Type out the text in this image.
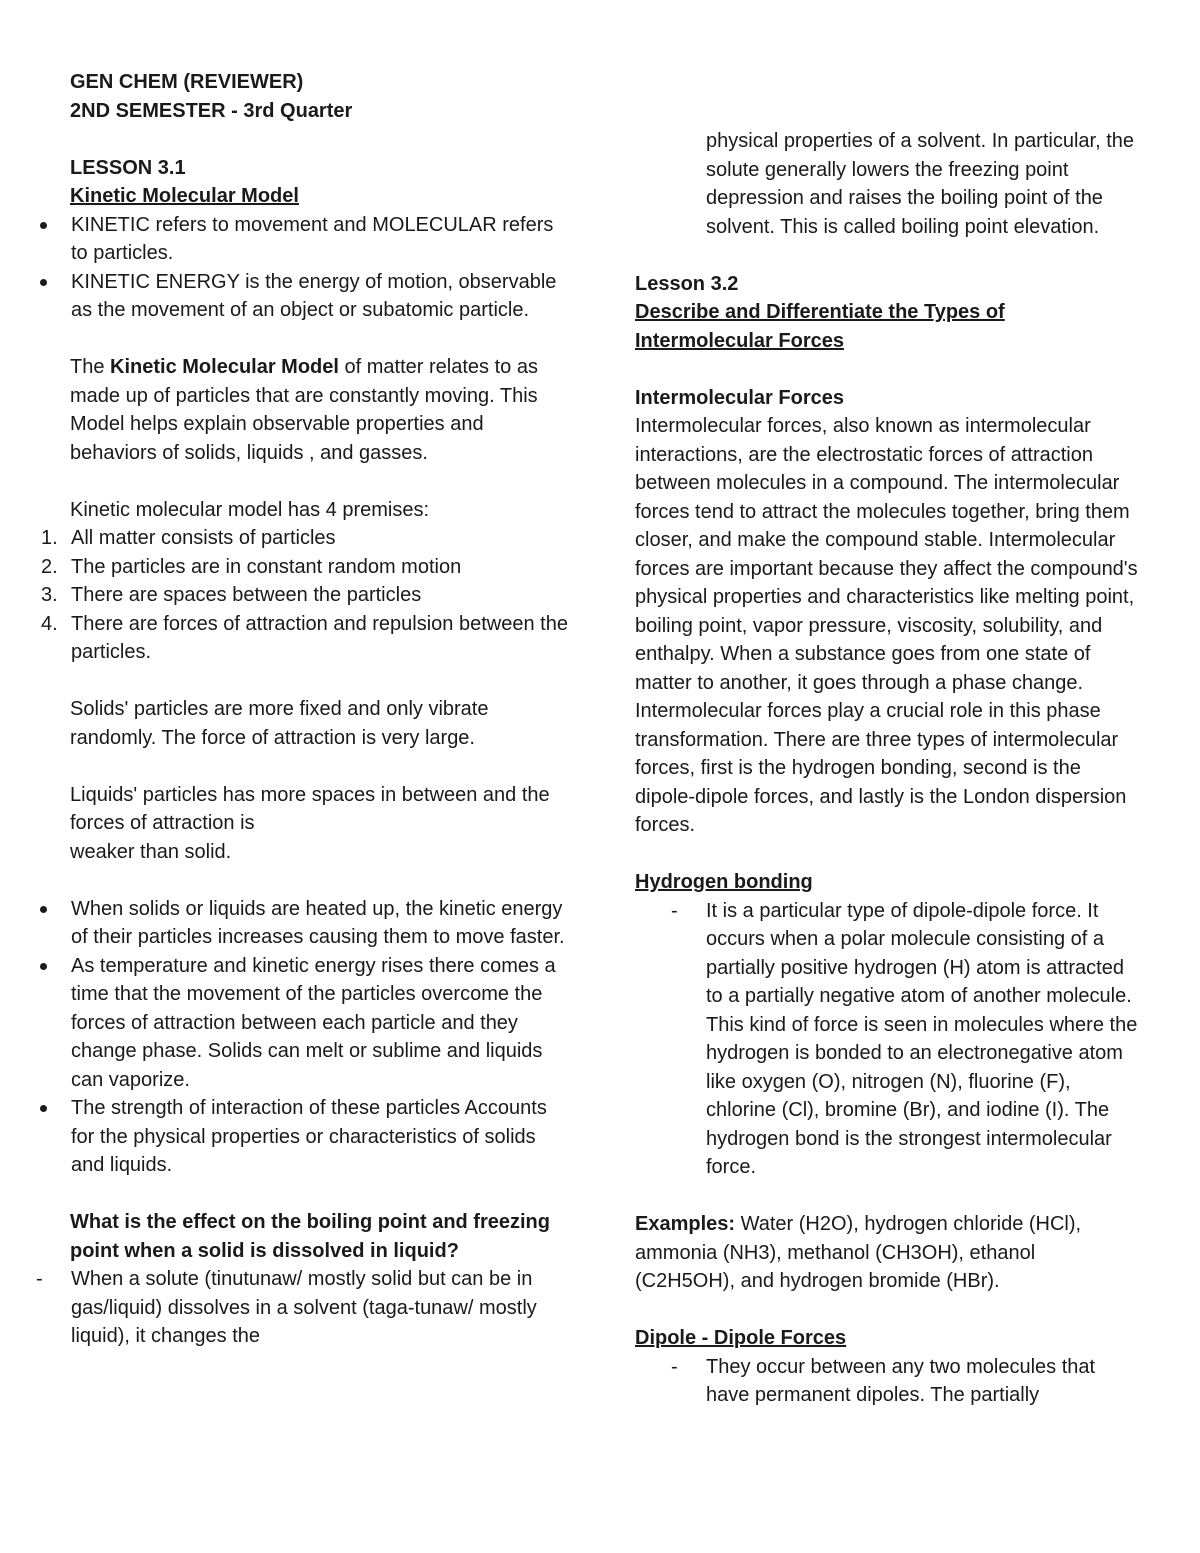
GEN CHEM (REVIEWER)

2ND SEMESTER - 3rd Quarter

LESSON 3.1

Kinetic Molecular Model

KINETIC refers to movement and MOLECULAR refers to particles.
KINETIC ENERGY is the energy of motion, observable as the movement of an object or subatomic particle.

The Kinetic Molecular Model of matter relates to as made up of particles that are constantly moving. This Model helps explain observable properties and behaviors of solids, liquids , and gasses.

Kinetic molecular model has 4 premises:

1. All matter consists of particles
2. The particles are in constant random motion
3. There are spaces between the particles
4. There are forces of attraction and repulsion between the particles.

Solids' particles are more fixed and only vibrate randomly. The force of attraction is very large.

Liquids' particles has more spaces in between and the forces of attraction is

weaker than solid.

When solids or liquids are heated up, the kinetic energy of their particles increases causing them to move faster.
As temperature and kinetic energy rises there comes a time that the movement of the particles overcome the forces of attraction between each particle and they change phase. Solids can melt or sublime and liquids can vaporize.
The strength of interaction of these particles Accounts for the physical properties or characteristics of solids and liquids.

What is the effect on the boiling point and freezing point when a solid is dissolved in liquid?

- When a solute (tinutunaw/ mostly solid but can be in gas/liquid) dissolves in a solvent (taga-tunaw/ mostly liquid), it changes the

physical properties of a solvent. In particular, the solute generally lowers the freezing point depression and raises the boiling point of the solvent. This is called boiling point elevation.

Lesson 3.2

Describe and Differentiate the Types of Intermolecular Forces

Intermolecular Forces

Intermolecular forces, also known as intermolecular interactions, are the electrostatic forces of attraction between molecules in a compound. The intermolecular forces tend to attract the molecules together, bring them closer, and make the compound stable. Intermolecular forces are important because they affect the compound's physical properties and characteristics like melting point, boiling point, vapor pressure, viscosity, solubility, and enthalpy. When a substance goes from one state of matter to another, it goes through a phase change. Intermolecular forces play a crucial role in this phase transformation. There are three types of intermolecular forces, first is the hydrogen bonding, second is the dipole-dipole forces, and lastly is the London dispersion forces.

Hydrogen bonding

- It is a particular type of dipole-dipole force. It occurs when a polar molecule consisting of a partially positive hydrogen (H) atom is attracted to a partially negative atom of another molecule. This kind of force is seen in molecules where the hydrogen is bonded to an electronegative atom like oxygen (O), nitrogen (N), fluorine (F), chlorine (Cl), bromine (Br), and iodine (I). The hydrogen bond is the strongest intermolecular force.

Examples: Water (H2O), hydrogen chloride (HCl), ammonia (NH3), methanol (CH3OH), ethanol (C2H5OH), and hydrogen bromide (HBr).

Dipole - Dipole Forces

- They occur between any two molecules that have permanent dipoles. The partially
